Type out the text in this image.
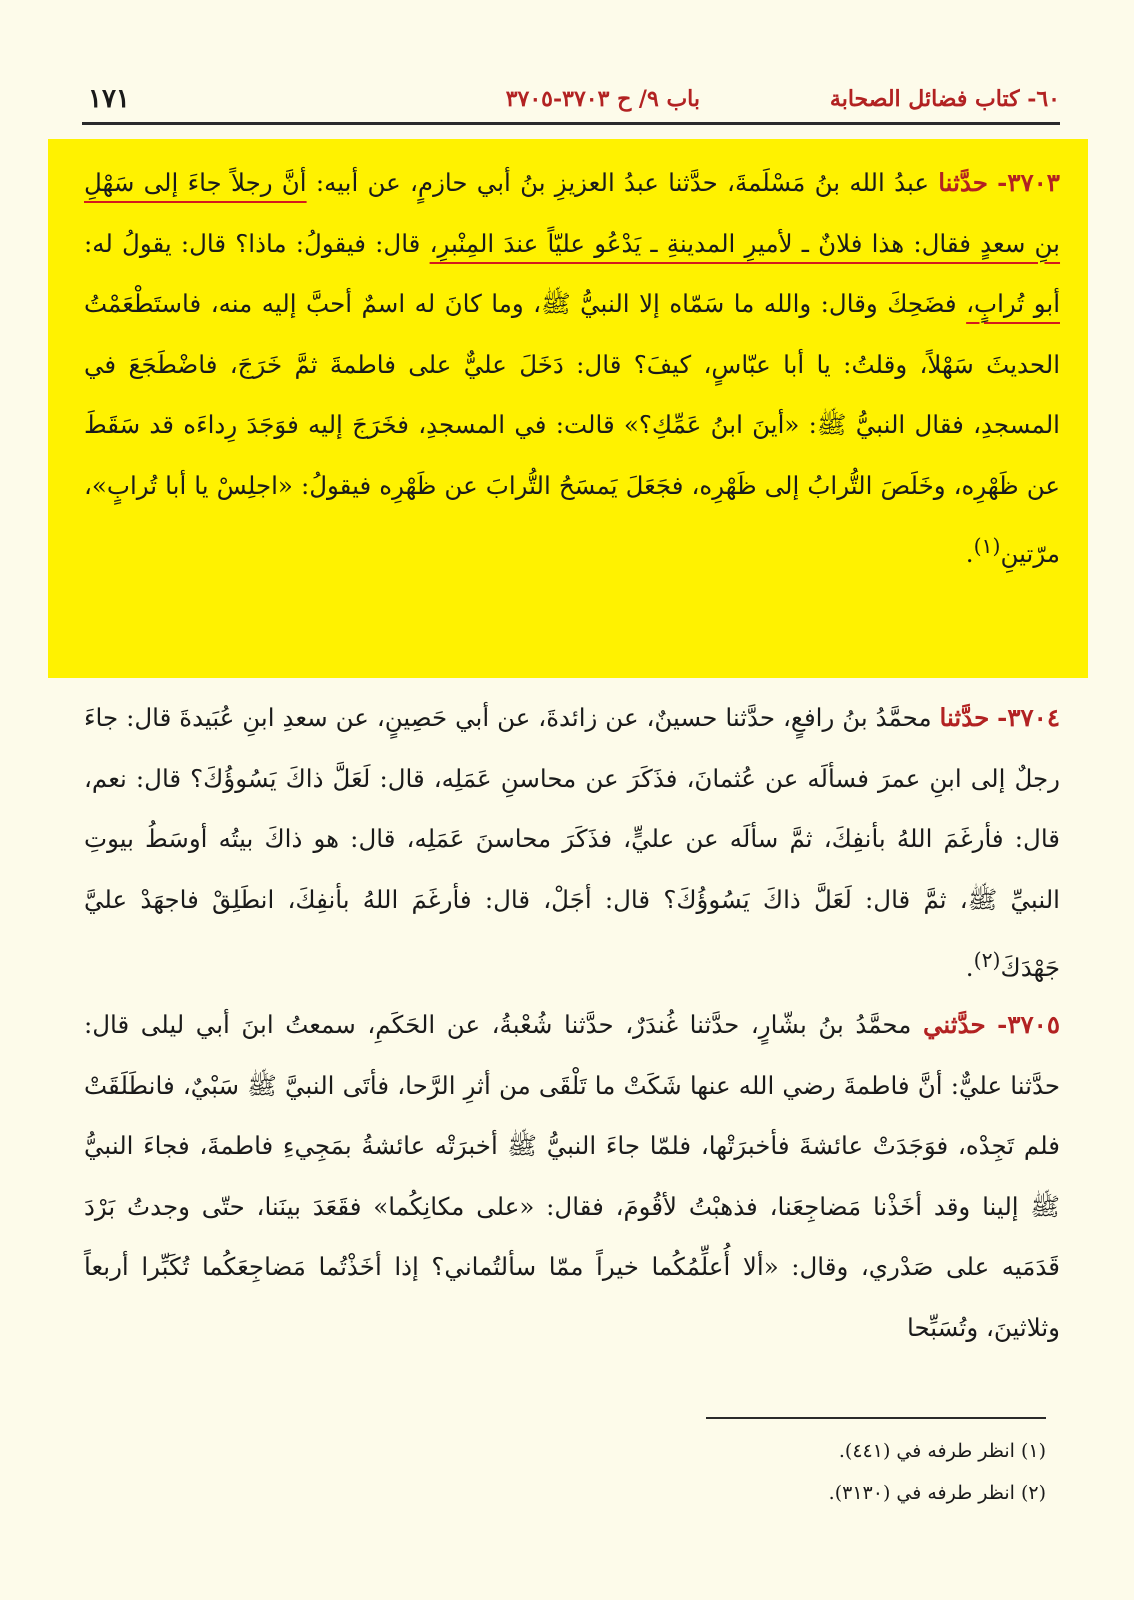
٦٠- كتاب فضائل الصحابة
باب ٩/ ح ٣٧٠٣-٣٧٠٥
١٧١

٣٧٠٣- حدَّثنا عبدُ الله بنُ مَسْلَمةَ، حدَّثنا عبدُ العزيزِ بنُ أبي حازمٍ، عن أبيه: أنَّ رجلاً جاءَ إلى سَهْلِ بنِ سعدٍ فقال: هذا فلانٌ ـ لأميرِ المدينةِ ـ يَدْعُو عليّاً عندَ المِنْبرِ، قال: فيقولُ: ماذا؟ قال: يقولُ له: أبو تُرابٍ، فضَحِكَ وقال: والله ما سَمّاه إلا النبيُّ ﷺ، وما كانَ له اسمٌ أحبَّ إليه منه، فاستَطْعَمْتُ الحديثَ سَهْلاً، وقلتُ: يا أبا عبّاسٍ، كيفَ؟ قال: دَخَلَ عليٌّ على فاطمةَ ثمَّ خَرَجَ، فاضْطَجَعَ في المسجدِ، فقال النبيُّ ﷺ: «أينَ ابنُ عَمِّكِ؟» قالت: في المسجدِ، فخَرَجَ إليه فوَجَدَ رِداءَه قد سَقَطَ عن ظَهْرِه، وخَلَصَ التُّرابُ إلى ظَهْرِه، فجَعَلَ يَمسَحُ التُّرابَ عن ظَهْرِه فيقولُ: «اجلِسْ يا أبا تُرابٍ»، مرّتينِ$^{(١)}$.

٣٧٠٤- حدَّثنا محمَّدُ بنُ رافعٍ، حدَّثنا حسينٌ، عن زائدةَ، عن أبي حَصِينٍ، عن سعدِ ابنِ عُبَيدةَ قال: جاءَ رجلٌ إلى ابنِ عمرَ فسألَه عن عُثمانَ، فذَكَرَ عن محاسنِ عَمَلِه، قال: لَعَلَّ ذاكَ يَسُوؤُكَ؟ قال: نعم، قال: فأرغَمَ اللهُ بأنفِكَ، ثمَّ سألَه عن عليٍّ، فذَكَرَ محاسنَ عَمَلِه، قال: هو ذاكَ بيتُه أوسَطُ بيوتِ النبيِّ ﷺ، ثمَّ قال: لَعَلَّ ذاكَ يَسُوؤُكَ؟ قال: أجَلْ، قال: فأرغَمَ اللهُ بأنفِكَ، انطَلِقْ فاجهَدْ عليَّ جَهْدَكَ$^{(٢)}$.

٣٧٠٥- حدَّثني محمَّدُ بنُ بشّارٍ، حدَّثنا غُندَرٌ، حدَّثنا شُعْبةُ، عن الحَكَمِ، سمعتُ ابنَ أبي ليلى قال: حدَّثنا عليٌّ: أنَّ فاطمةَ رضي الله عنها شَكَتْ ما تَلْقَى من أثرِ الرَّحا، فأتَى النبيَّ ﷺ سَبْيٌ، فانطَلَقَتْ فلم تَجِدْه، فوَجَدَتْ عائشةَ فأخبرَتْها، فلمّا جاءَ النبيُّ ﷺ أخبرَتْه عائشةُ بمَجِيءِ فاطمةَ، فجاءَ النبيُّ ﷺ إلينا وقد أخَذْنا مَضاجِعَنا، فذهبْتُ لأقُومَ، فقال: «على مكانِكُما» فقَعَدَ بينَنا، حتّى وجدتُ بَرْدَ قَدَمَيه على صَدْري، وقال: «ألا أُعلِّمُكُما خيراً ممّا سألتُماني؟ إذا أخَذْتُما مَضاجِعَكُما تُكَبِّرا أربعاً وثلاثينَ، وتُسَبِّحا

(١) انظر طرفه في (٤٤١).
(٢) انظر طرفه في (٣١٣٠).
